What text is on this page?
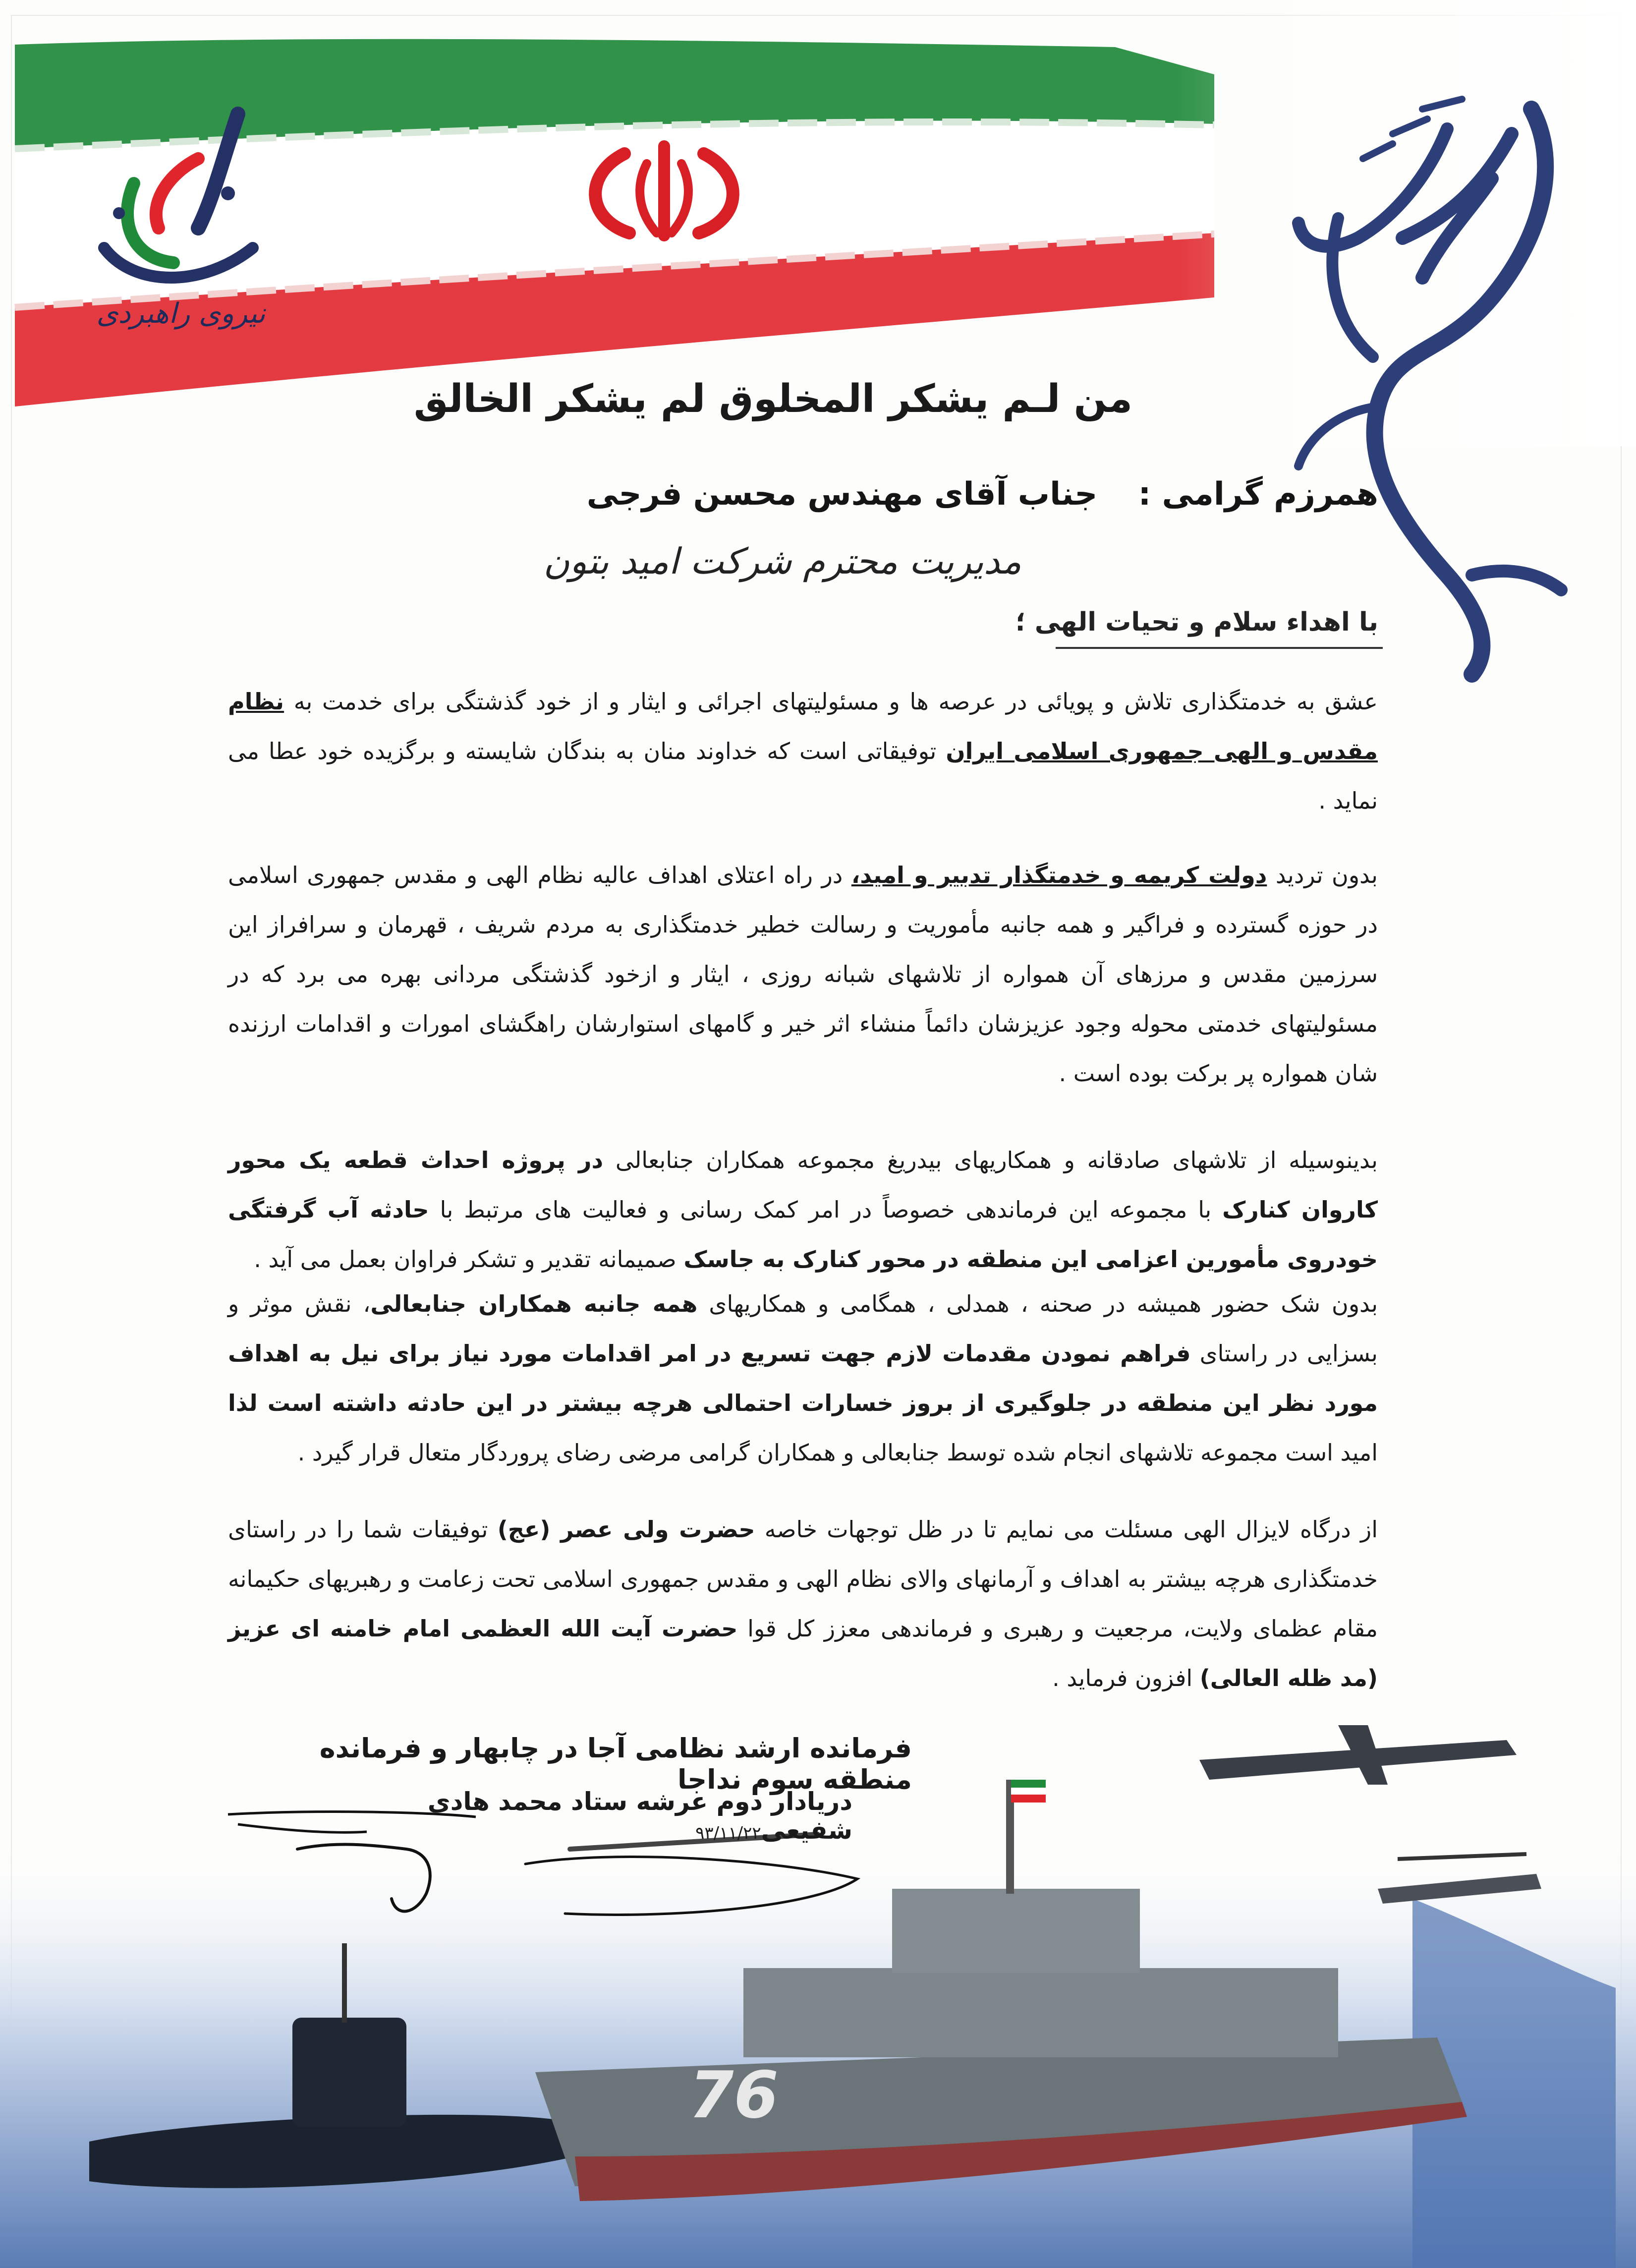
نیروی راهبردی
من لـم يشكر المخلوق لم يشكر الخالق
همرزم گرامی : جناب آقای مهندس محسن فرجی
مدیریت محترم شرکت امید بتون
با اهداء سلام و تحیات الهی ؛
عشق به خدمتگذاری تلاش و پویائی در عرصه ها و مسئولیتهای اجرائی و ایثار و از خود گذشتگی برای خدمت به نظام مقدس و الهی جمهوری اسلامی ایران توفیقاتی است که خداوند منان به بندگان شایسته و برگزیده خود عطا می نماید .
بدون تردید دولت کریمه و خدمتگذار تدبیر و امید، در راه اعتلای اهداف عالیه نظام الهی و مقدس جمهوری اسلامی در حوزه گسترده و فراگیر و همه جانبه مأموریت و رسالت خطیر خدمتگذاری به مردم شریف ، قهرمان و سرافراز این سرزمین مقدس و مرزهای آن همواره از تلاشهای شبانه روزی ، ایثار و ازخود گذشتگی مردانی بهره می برد که در مسئولیتهای خدمتی محوله وجود عزیزشان دائماً منشاء اثر خیر و گامهای استوارشان راهگشای امورات و اقدامات ارزنده شان همواره پر برکت بوده است .
بدینوسیله از تلاشهای صادقانه و همکاریهای بیدریغ مجموعه همکاران جنابعالی در پروژه احداث قطعه یک محور کاروان کنارک با مجموعه این فرماندهی خصوصاً در امر کمک رسانی و فعالیت های مرتبط با حادثه آب گرفتگی خودروی مأمورین اعزامی این منطقه در محور کنارک به جاسک صمیمانه تقدیر و تشکر فراوان بعمل می آید .
بدون شک حضور همیشه در صحنه ، همدلی ، همگامی و همکاریهای همه جانبه همکاران جنابعالی، نقش موثر و بسزایی در راستای فراهم نمودن مقدمات لازم جهت تسریع در امر اقدامات مورد نیاز برای نیل به اهداف مورد نظر این منطقه در جلوگیری از بروز خسارات احتمالی هرچه بیشتر در این حادثه داشته است لذا امید است مجموعه تلاشهای انجام شده توسط جنابعالی و همکاران گرامی مرضی رضای پروردگار متعال قرار گیرد .
از درگاه لایزال الهی مسئلت می نمایم تا در ظل توجهات خاصه حضرت ولی عصر (عج) توفیقات شما را در راستای خدمتگذاری هرچه بیشتر به اهداف و آرمانهای والای نظام الهی و مقدس جمهوری اسلامی تحت زعامت و رهبریهای حکیمانه مقام عظمای ولایت، مرجعیت و رهبری و فرماندهی معزز کل قوا حضرت آیت الله العظمی امام خامنه ای عزیز (مد ظله العالی) افزون فرماید .
76
فرمانده ارشد نظامی آجا در چابهار و فرمانده منطقه سوم نداجا
دریادار دوم عرشه ستاد محمد هادی شفیعی۹۳/۱۱/۲۲
